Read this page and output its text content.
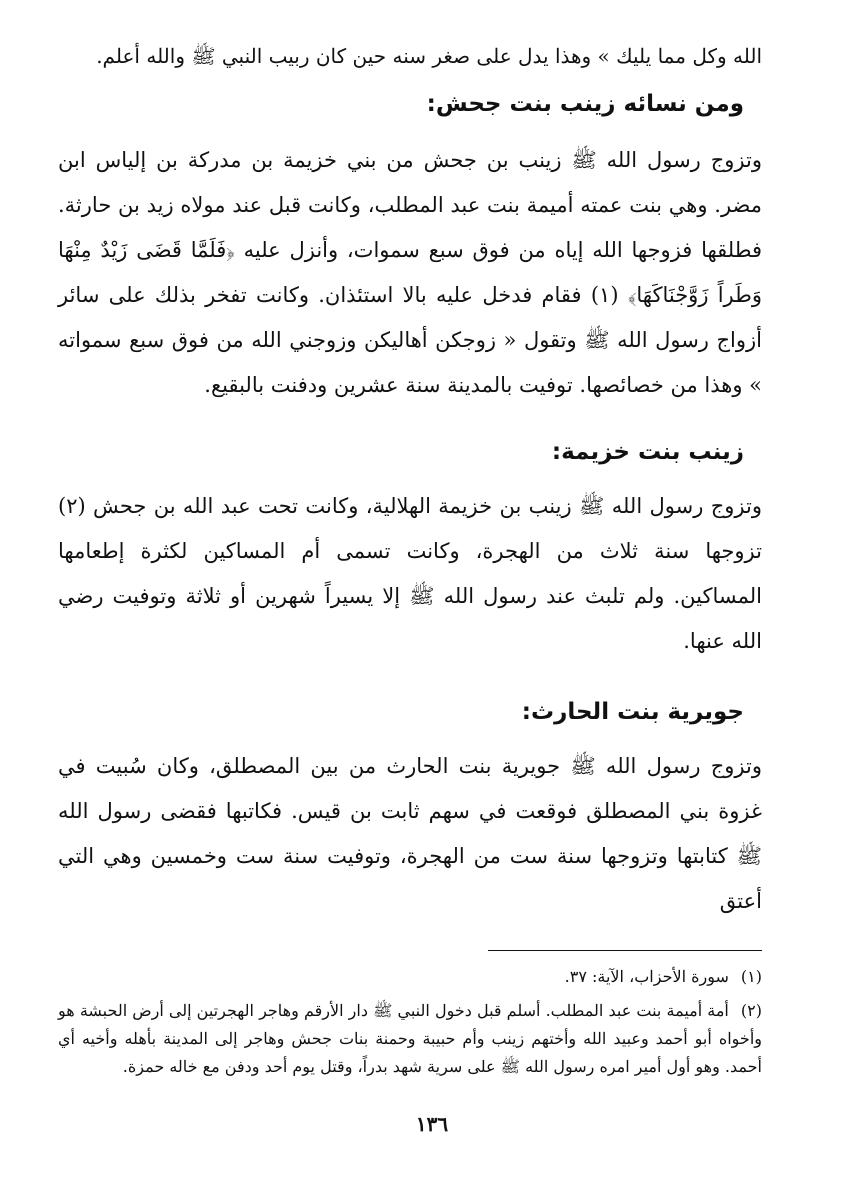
الله وكل مما يليك » وهذا يدل على صغر سنه حين كان ربيب النبي ﷺ والله أعلم.

ومن نسائه زينب بنت جحش:

وتزوج رسول الله ﷺ زينب بن جحش من بني خزيمة بن مدركة بن إلياس ابن مضر. وهي بنت عمته أميمة بنت عبد المطلب، وكانت قبل عند مولاه زيد بن حارثة. فطلقها فزوجها الله إياه من فوق سبع سموات، وأنزل عليه ﴿فَلَمَّا قَضَى زَيْدٌ مِنْهَا وَطَراً زَوَّجْنَاكَهَا﴾ (١) فقام فدخل عليه بالا استئذان. وكانت تفخر بذلك على سائر أزواج رسول الله ﷺ وتقول « زوجكن أهاليكن وزوجني الله من فوق سبع سمواته » وهذا من خصائصها. توفيت بالمدينة سنة عشرين ودفنت بالبقيع.

زينب بنت خزيمة:

وتزوج رسول الله ﷺ زينب بن خزيمة الهلالية، وكانت تحت عبد الله بن جحش (٢) تزوجها سنة ثلاث من الهجرة، وكانت تسمى أم المساكين لكثرة إطعامها المساكين. ولم تلبث عند رسول الله ﷺ إلا يسيراً شهرين أو ثلاثة وتوفيت رضي الله عنها.

جويرية بنت الحارث:

وتزوج رسول الله ﷺ جويرية بنت الحارث من بين المصطلق، وكان سُبيت في غزوة بني المصطلق فوقعت في سهم ثابت بن قيس. فكاتبها فقضى رسول الله ﷺ كتابتها وتزوجها سنة ست من الهجرة، وتوفيت سنة ست وخمسين وهي التي أعتق

(١) سورة الأحزاب، الآية: ٣٧.

(٢) أمة أميمة بنت عبد المطلب. أسلم قبل دخول النبي ﷺ دار الأرقم وهاجر الهجرتين إلى أرض الحبشة هو وأخواه أبو أحمد وعبيد الله وأختهم زينب وأم حبيبة وحمنة بنات جحش وهاجر إلى المدينة بأهله وأخيه أي أحمد. وهو أول أمير امره رسول الله ﷺ على سرية شهد بدراً، وقتل يوم أحد ودفن مع خاله حمزة.

١٣٦
